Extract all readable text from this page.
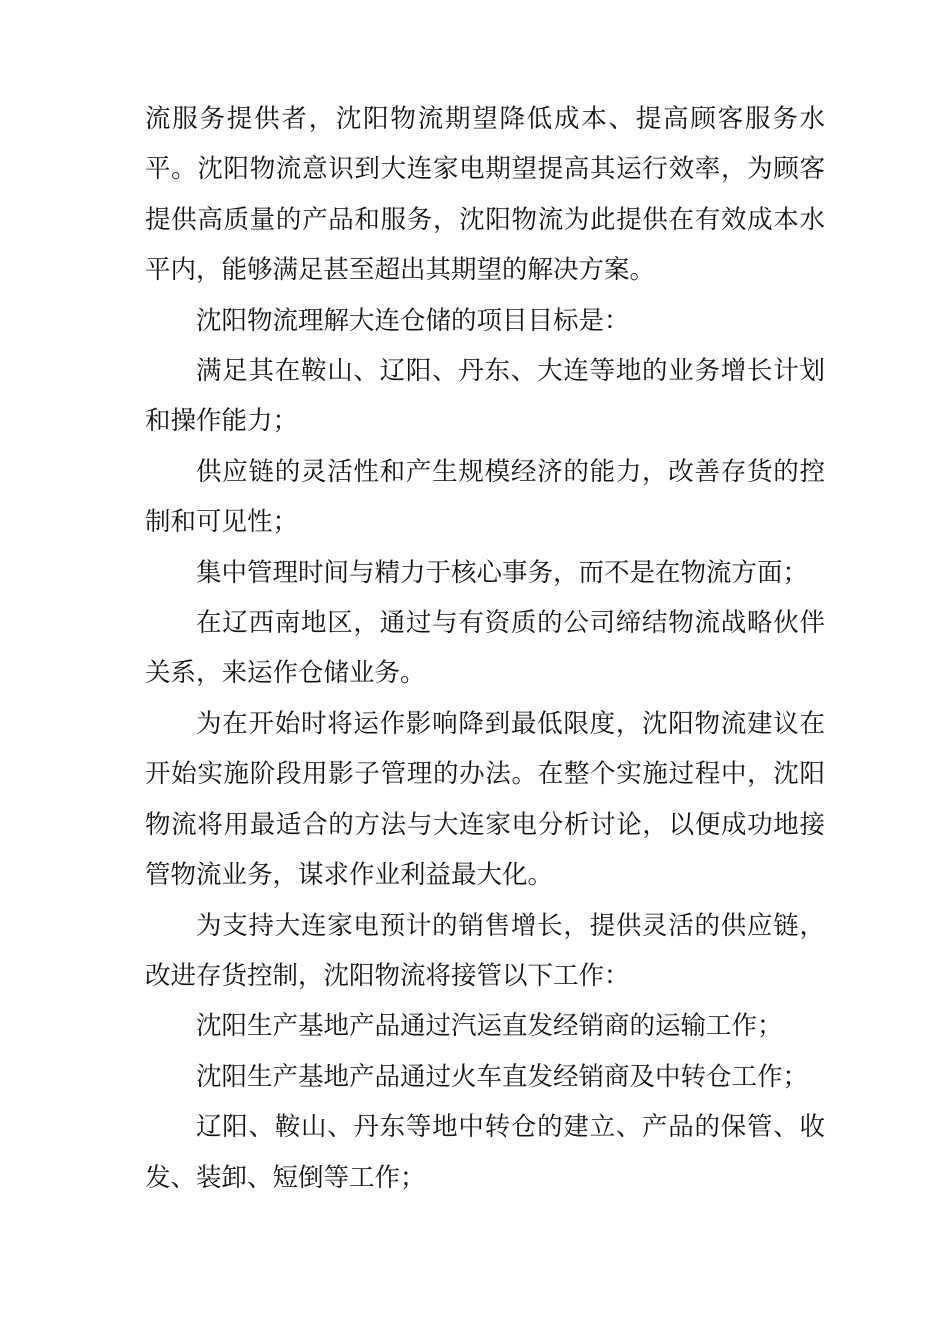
流服务提供者，沈阳物流期望降低成本、提高顾客服务水平。沈阳物流意识到大连家电期望提高其运行效率，为顾客提供高质量的产品和服务，沈阳物流为此提供在有效成本水平内，能够满足甚至超出其期望的解决方案。

沈阳物流理解大连仓储的项目目标是：

满足其在鞍山、辽阳、丹东、大连等地的业务增长计划和操作能力；

供应链的灵活性和产生规模经济的能力，改善存货的控制和可见性；

集中管理时间与精力于核心事务，而不是在物流方面；

在辽西南地区，通过与有资质的公司缔结物流战略伙伴关系，来运作仓储业务。

为在开始时将运作影响降到最低限度，沈阳物流建议在开始实施阶段用影子管理的办法。在整个实施过程中，沈阳物流将用最适合的方法与大连家电分析讨论，以便成功地接管物流业务，谋求作业利益最大化。

为支持大连家电预计的销售增长，提供灵活的供应链，改进存货控制，沈阳物流将接管以下工作：

沈阳生产基地产品通过汽运直发经销商的运输工作；

沈阳生产基地产品通过火车直发经销商及中转仓工作；

辽阳、鞍山、丹东等地中转仓的建立、产品的保管、收发、装卸、短倒等工作；
